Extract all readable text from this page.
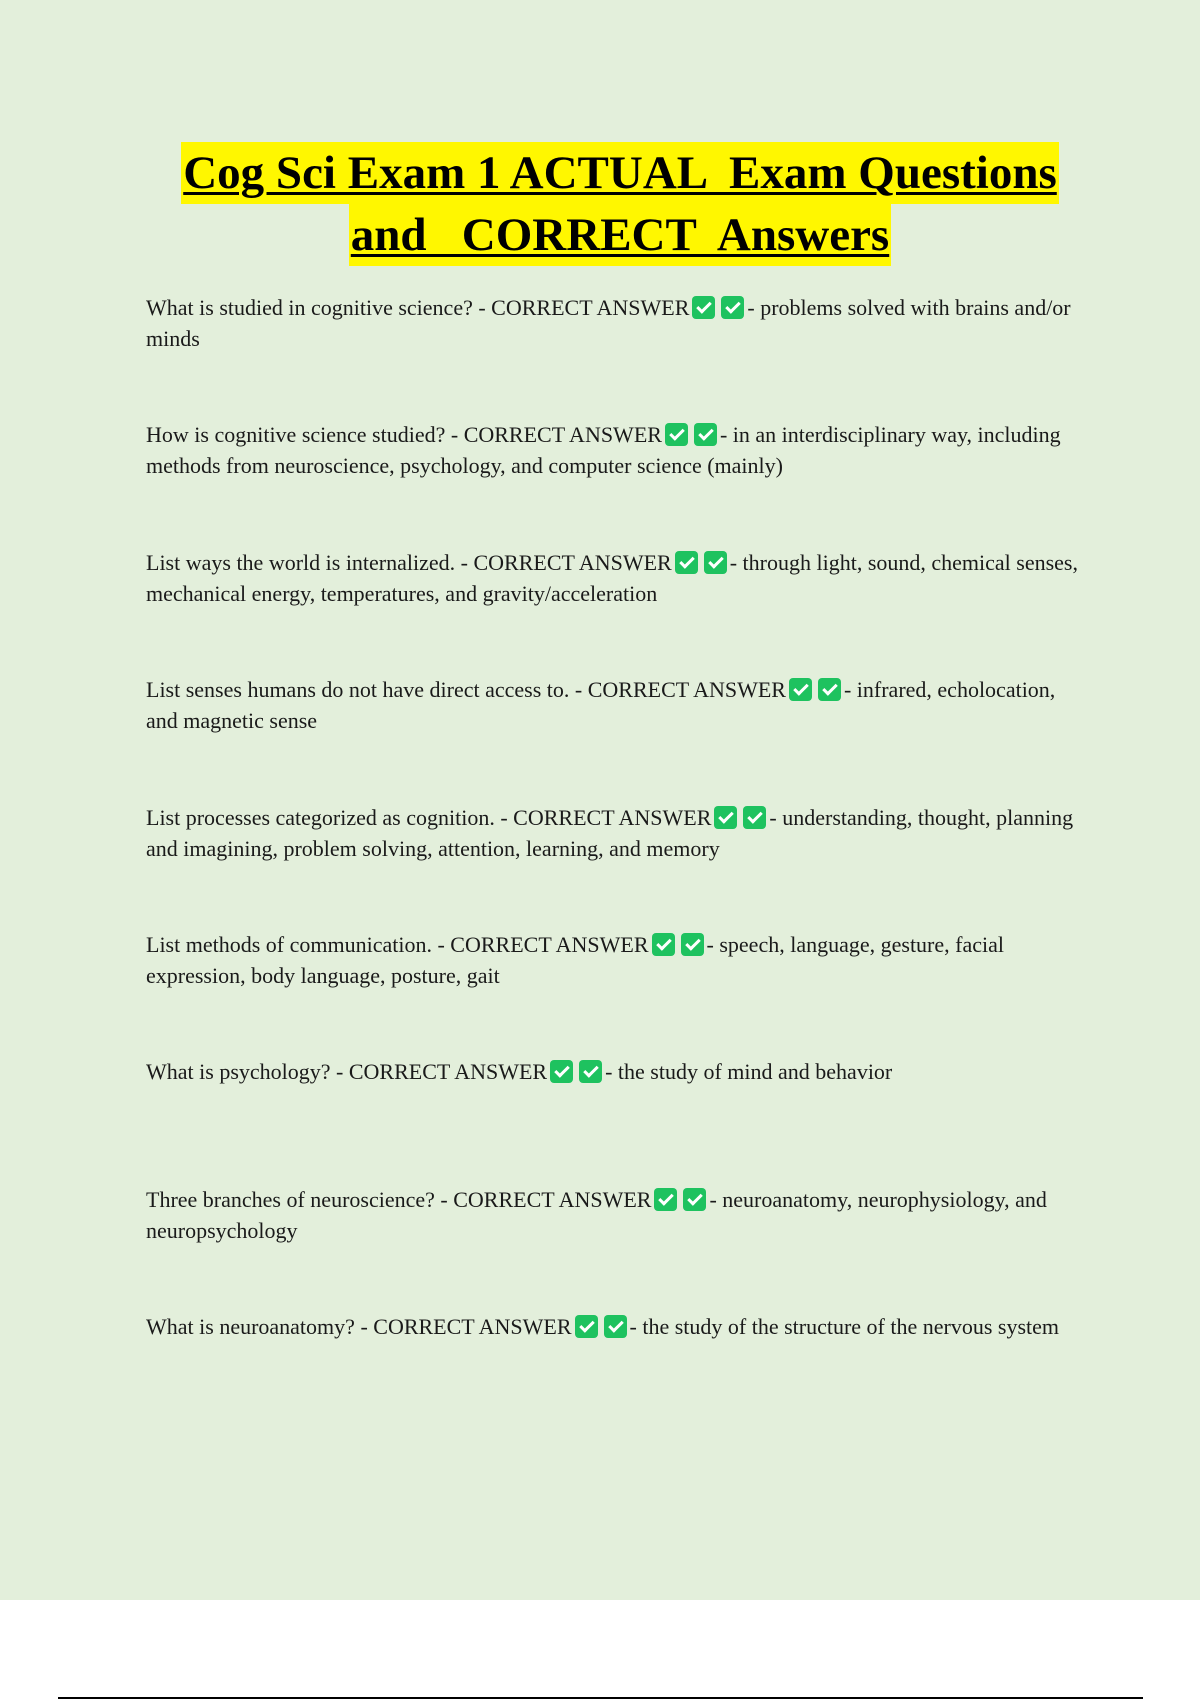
Cog Sci Exam 1 ACTUAL  Exam Questions
and   CORRECT  Answers
What is studied in cognitive science? - CORRECT ANSWER	- problems solved with brains and/or minds
How is cognitive science studied? - CORRECT ANSWER	- in an interdisciplinary way, including methods from neuroscience, psychology, and computer science (mainly)
List ways the world is internalized. - CORRECT ANSWER	- through light, sound, chemical senses, mechanical energy, temperatures, and gravity/acceleration
List senses humans do not have direct access to. - CORRECT ANSWER	- infrared, echolocation, and magnetic sense
List processes categorized as cognition. - CORRECT ANSWER	- understanding, thought, planning and imagining, problem solving, attention, learning, and memory
List methods of communication. - CORRECT ANSWER	- speech, language, gesture, facial expression, body language, posture, gait
What is psychology? - CORRECT ANSWER	- the study of mind and behavior
Three branches of neuroscience? - CORRECT ANSWER	- neuroanatomy, neurophysiology, and neuropsychology
What is neuroanatomy? - CORRECT ANSWER	- the study of the structure of the nervous system
